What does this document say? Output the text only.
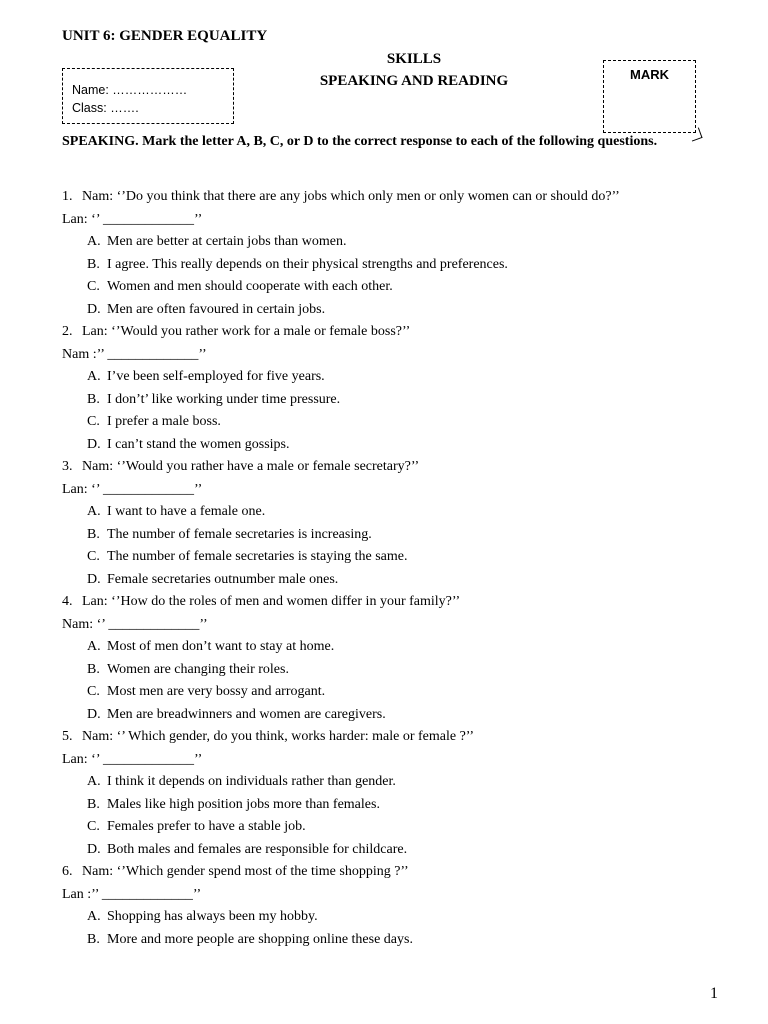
UNIT 6: GENDER EQUALITY
SKILLS
SPEAKING AND READING
Name: ………………
Class: …….
MARK
SPEAKING. Mark the letter A, B, C, or D to the correct response to each of the following questions.
1. Nam: ‘’Do you think that there are any jobs which only men or only women can or should do?’’
Lan: ‘’ _____________’’
A. Men are better at certain jobs than women.
B. I agree. This really depends on their physical strengths and preferences.
C. Women and men should cooperate with each other.
D. Men are often favoured in certain jobs.
2. Lan: ‘’Would you rather work for a male or female boss?’’
Nam :’’ _____________’’
A. I’ve been self-employed for five years.
B. I don’t’ like working under time pressure.
C. I prefer a male boss.
D. I can’t stand the women gossips.
3. Nam: ‘’Would you rather have a male or female secretary?’’
Lan: ‘’ _____________’’
A. I want to have a female one.
B. The number of female secretaries is increasing.
C. The number of female secretaries is staying the same.
D. Female secretaries outnumber male ones.
4. Lan: ‘’How do the roles of men and women differ in your family?’’
Nam: ‘’ _____________’’
A. Most of men don’t want to stay at home.
B. Women are changing their roles.
C. Most men are very bossy and arrogant.
D. Men are breadwinners and women are caregivers.
5. Nam: ‘’ Which gender, do you think, works harder: male or female ?’’
Lan: ‘’ _____________’’
A. I think it depends on individuals rather than gender.
B. Males like high position jobs more than females.
C. Females prefer to have a stable job.
D. Both males and females are responsible for childcare.
6. Nam: ‘’Which gender spend most of the time shopping ?’’
Lan :’’ _____________’’
A. Shopping has always been my hobby.
B. More and more people are shopping online these days.
1
